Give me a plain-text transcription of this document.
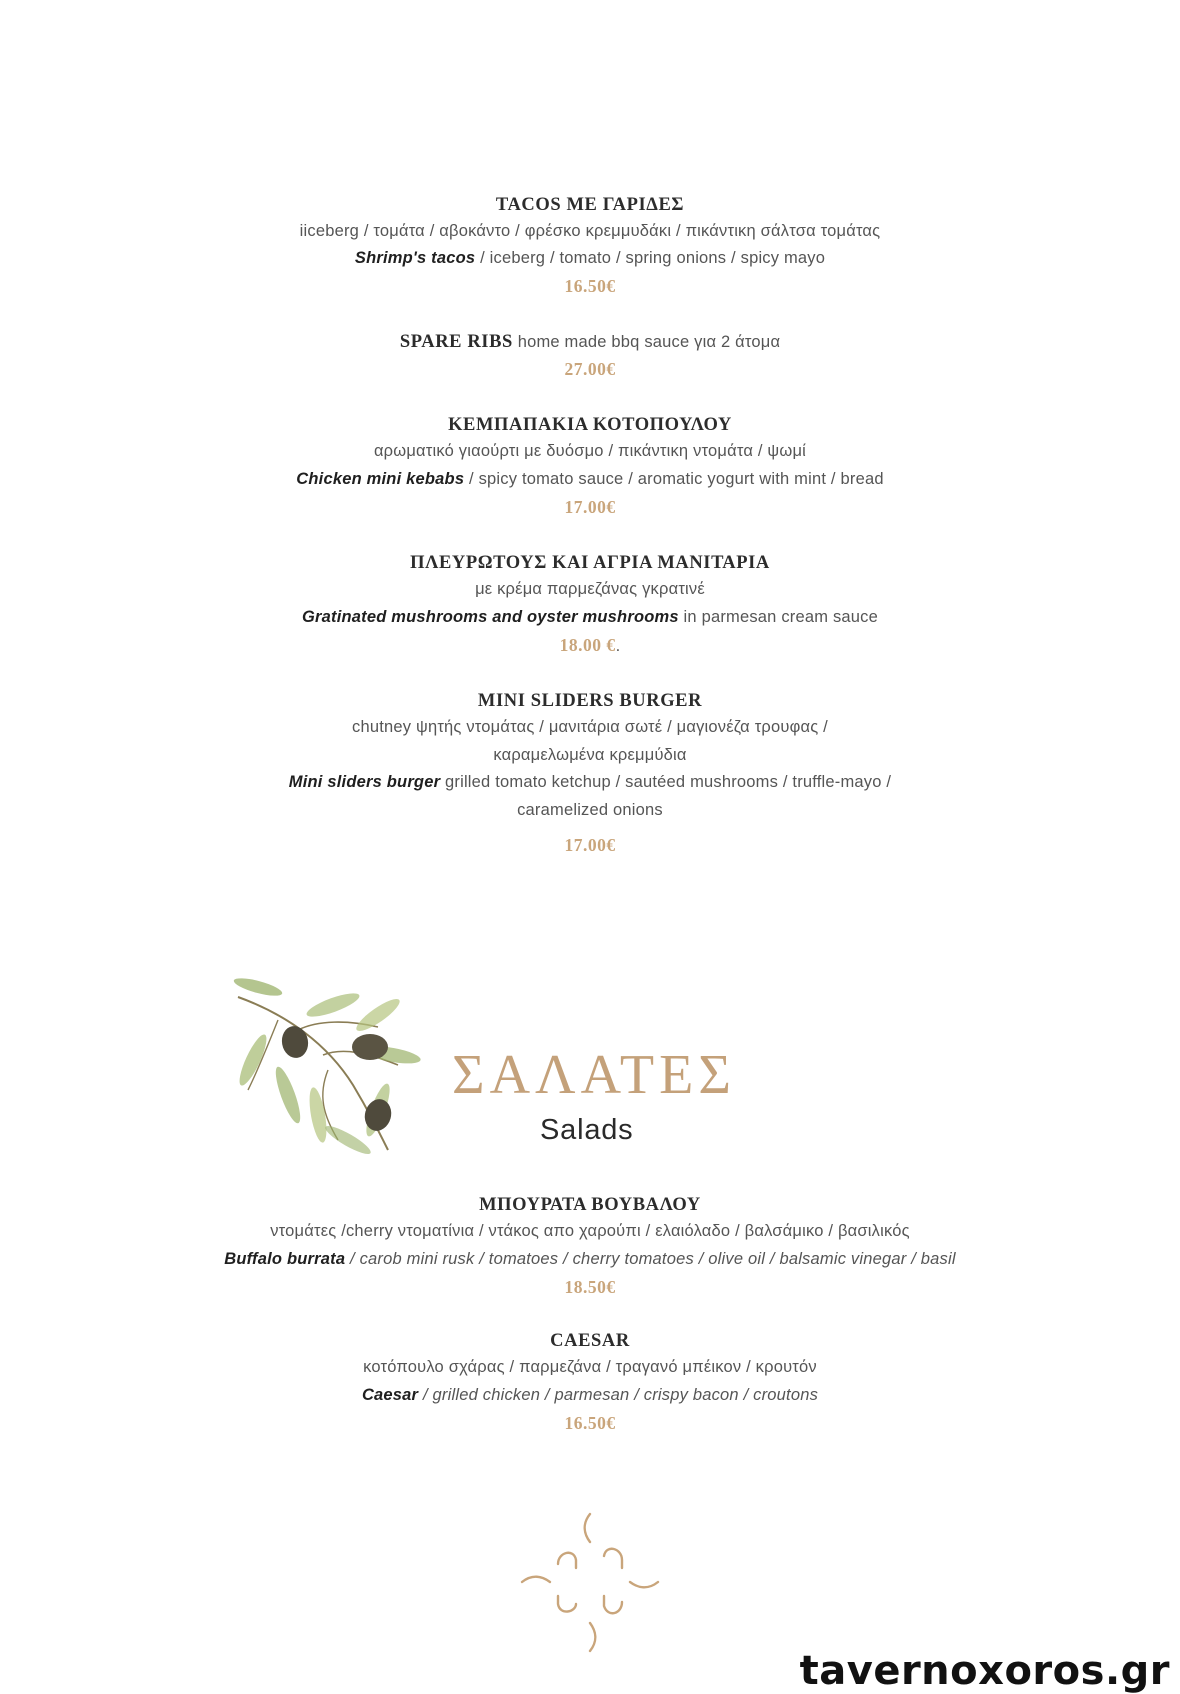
TACOS ΜΕ ΓΑΡΙΔΕΣ
iiceberg / τομάτα / αβοκάντο / φρέσκο κρεμμυδάκι / πικάντικη σάλτσα τομάτας
Shrimp's tacos / iceberg / tomato / spring onions / spicy mayo
16.50€
SPARE RIBS home made bbq sauce για 2 άτομα
27.00€
ΚΕΜΠΑΠΑΚΙΑ ΚΟΤΟΠΟΥΛΟΥ
αρωματικό γιαούρτι με δυόσμο / πικάντικη ντομάτα / ψωμί
Chicken mini kebabs / spicy tomato sauce / aromatic yogurt with mint / bread
17.00€
ΠΛΕΥΡΩΤΟΥΣ ΚΑΙ ΑΓΡΙΑ ΜΑΝΙΤΑΡΙΑ
με κρέμα παρμεζάνας γκρατινέ
Gratinated mushrooms and oyster mushrooms in parmesan cream sauce
18.00 €.
MINI SLIDERS BURGER
chutney ψητής ντομάτας / μανιτάρια σωτέ / μαγιονέζα τρουφας /
καραμελωμένα κρεμμύδια
Mini sliders burger grilled tomato ketchup / sautéed mushrooms / truffle-mayo /
caramelized onions
17.00€
ΣΑΛΑΤΕΣ
Salads
ΜΠΟΥΡΑΤΑ ΒΟΥΒΑΛΟΥ
ντομάτες /cherry ντοματίνια / ντάκος απο χαρούπι / ελαιόλαδο / βαλσάμικο / βασιλικός
Buffalo burrata / carob mini rusk / tomatoes / cherry tomatoes / olive oil / balsamic vinegar / basil
18.50€
CAESAR
κοτόπουλο σχάρας / παρμεζάνα / τραγανό μπέικον / κρουτόν
Caesar / grilled chicken / parmesan / crispy bacon / croutons
16.50€
tavernoxoros.gr
